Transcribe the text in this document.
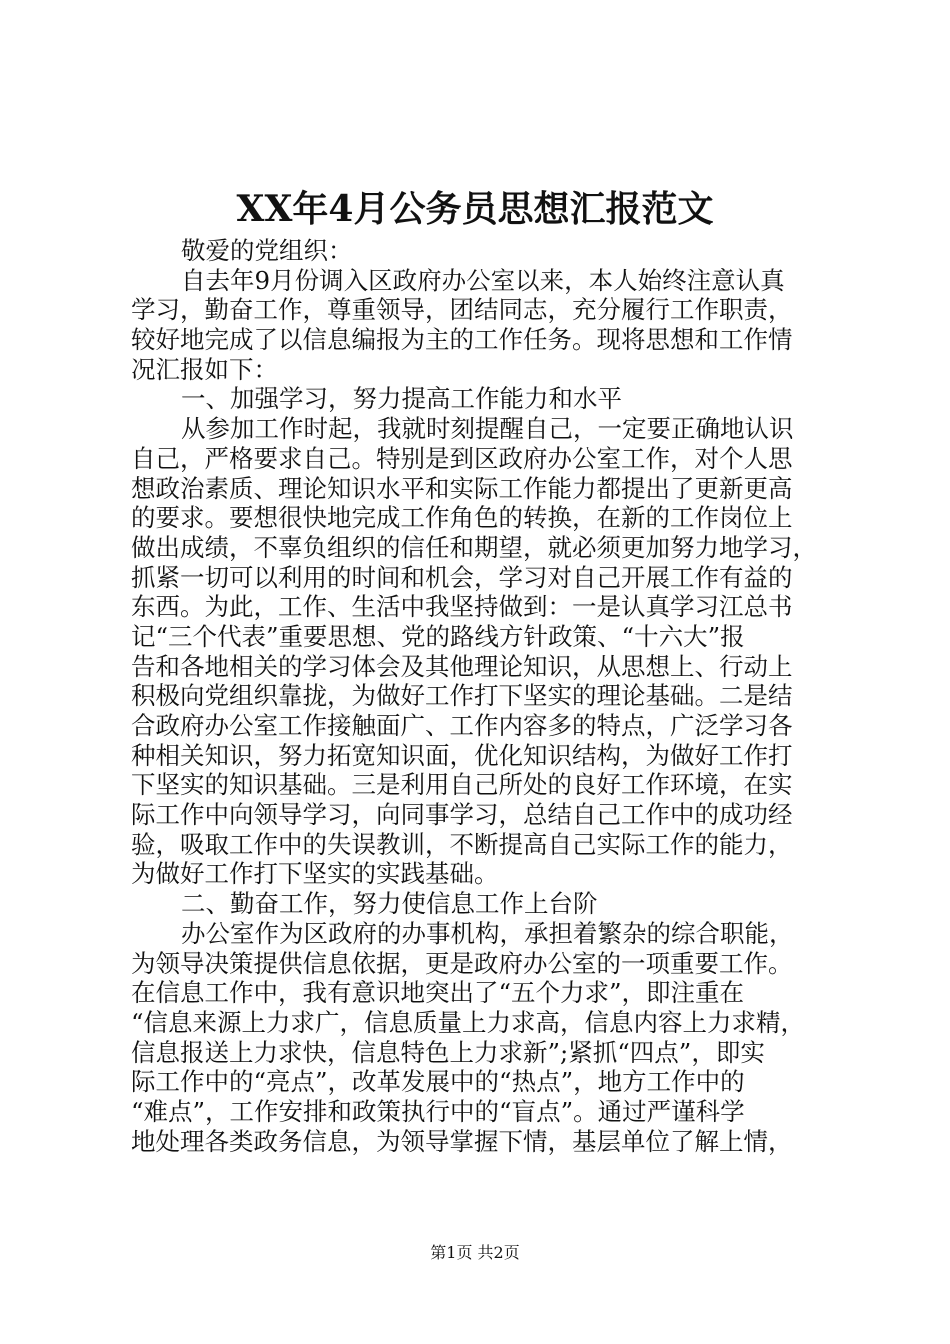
XX年4月公务员思想汇报范文
敬爱的党组织：
自去年9月份调入区政府办公室以来，本人始终注意认真
学习，勤奋工作，尊重领导，团结同志，充分履行工作职责，
较好地完成了以信息编报为主的工作任务。现将思想和工作情
况汇报如下：
一、加强学习，努力提高工作能力和水平
从参加工作时起，我就时刻提醒自己，一定要正确地认识
自己，严格要求自己。特别是到区政府办公室工作，对个人思
想政治素质、理论知识水平和实际工作能力都提出了更新更高
的要求。要想很快地完成工作角色的转换，在新的工作岗位上
做出成绩，不辜负组织的信任和期望，就必须更加努力地学习，
抓紧一切可以利用的时间和机会，学习对自己开展工作有益的
东西。为此，工作、生活中我坚持做到：一是认真学习江总书
记“三个代表”重要思想、党的路线方针政策、“十六大”报
告和各地相关的学习体会及其他理论知识，从思想上、行动上
积极向党组织靠拢，为做好工作打下坚实的理论基础。二是结
合政府办公室工作接触面广、工作内容多的特点，广泛学习各
种相关知识，努力拓宽知识面，优化知识结构，为做好工作打
下坚实的知识基础。三是利用自己所处的良好工作环境，在实
际工作中向领导学习，向同事学习，总结自己工作中的成功经
验，吸取工作中的失误教训，不断提高自己实际工作的能力，
为做好工作打下坚实的实践基础。
二、勤奋工作，努力使信息工作上台阶
办公室作为区政府的办事机构，承担着繁杂的综合职能，
为领导决策提供信息依据，更是政府办公室的一项重要工作。
在信息工作中，我有意识地突出了“五个力求”，即注重在
“信息来源上力求广，信息质量上力求高，信息内容上力求精，
信息报送上力求快，信息特色上力求新”;紧抓“四点”，即实
际工作中的“亮点”，改革发展中的“热点”，地方工作中的
“难点”，工作安排和政策执行中的“盲点”。通过严谨科学
地处理各类政务信息，为领导掌握下情，基层单位了解上情，
第1页 共2页
